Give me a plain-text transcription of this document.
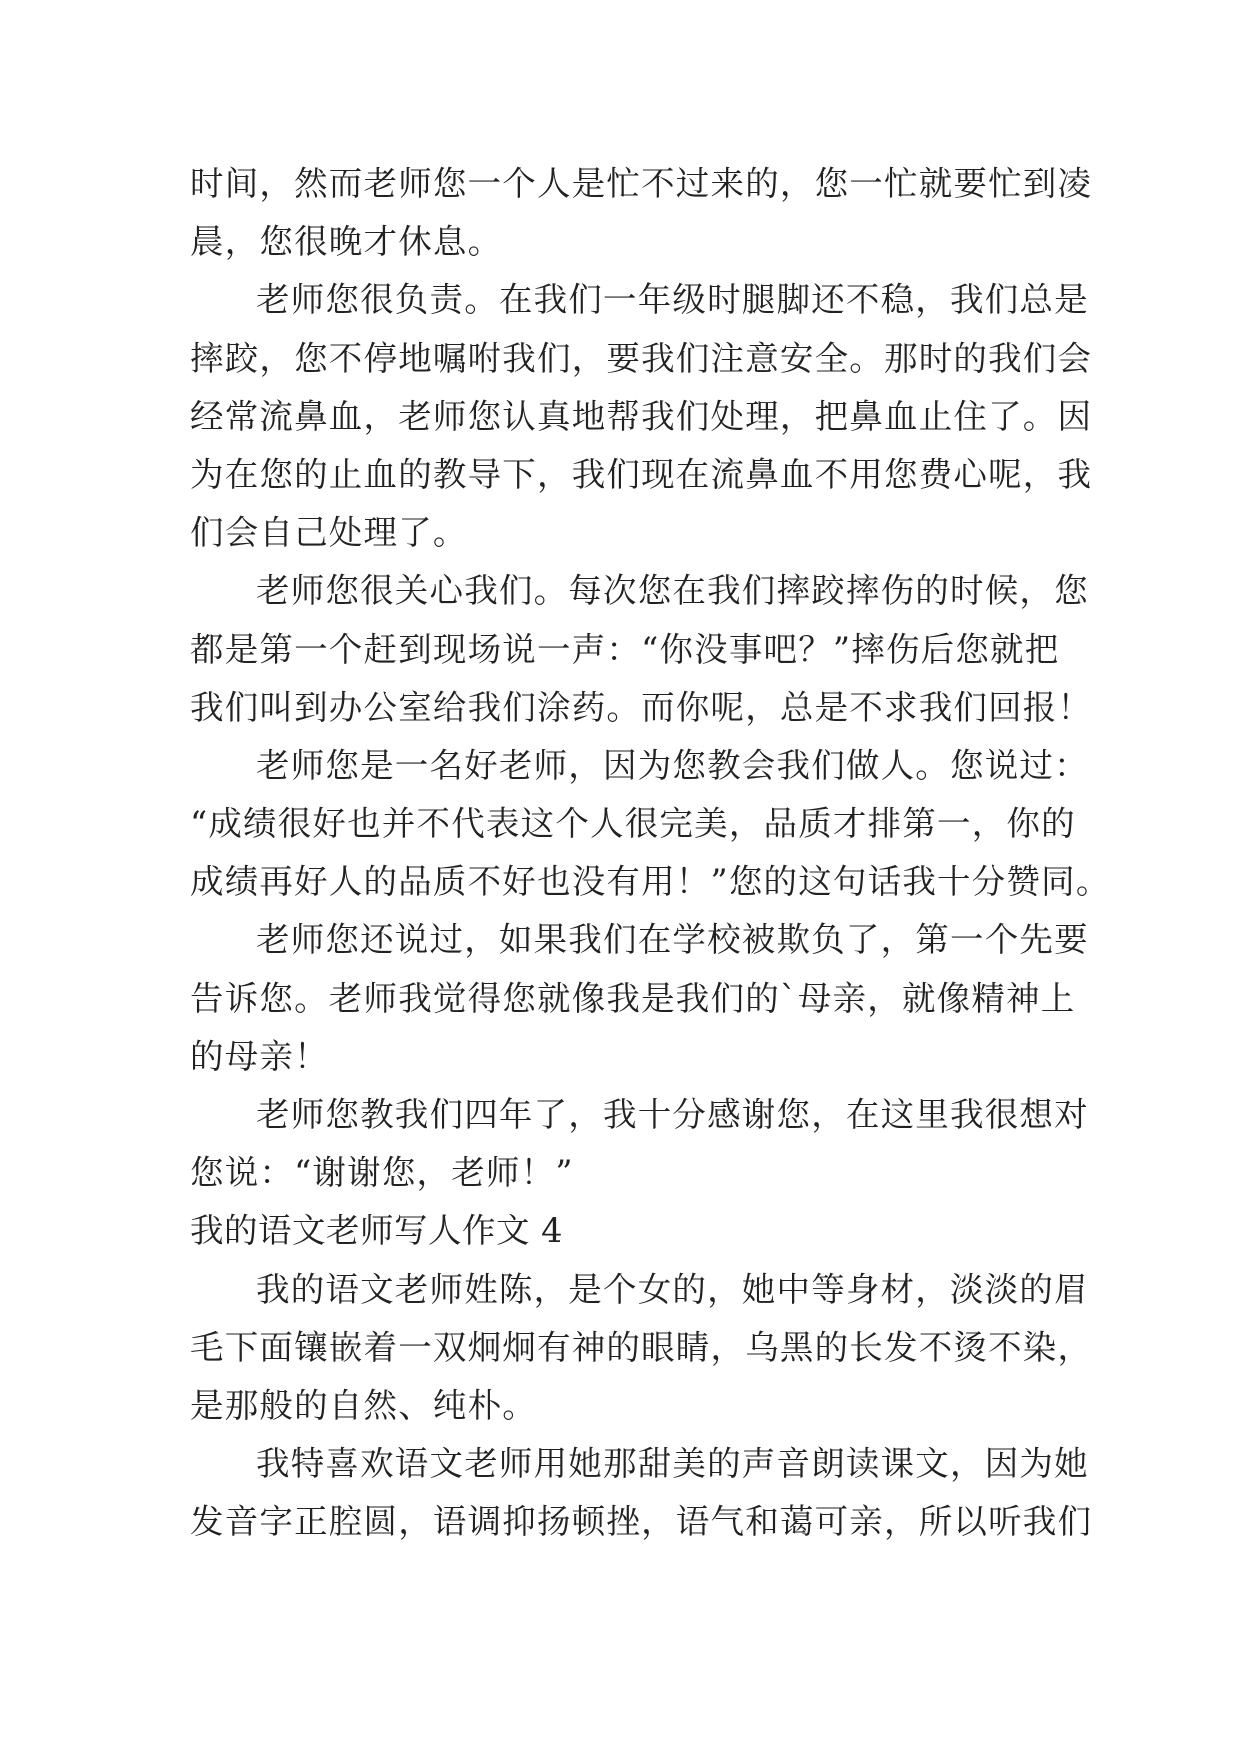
时间，然而老师您一个人是忙不过来的，您一忙就要忙到凌
晨，您很晚才休息。
老师您很负责。在我们一年级时腿脚还不稳，我们总是
摔跤，您不停地嘱咐我们，要我们注意安全。那时的我们会
经常流鼻血，老师您认真地帮我们处理，把鼻血止住了。因
为在您的止血的教导下，我们现在流鼻血不用您费心呢，我
们会自己处理了。
老师您很关心我们。每次您在我们摔跤摔伤的时候，您
都是第一个赶到现场说一声：“你没事吧？”摔伤后您就把
我们叫到办公室给我们涂药。而你呢，总是不求我们回报！
老师您是一名好老师，因为您教会我们做人。您说过：
“成绩很好也并不代表这个人很完美，品质才排第一，你的
成绩再好人的品质不好也没有用！”您的这句话我十分赞同。
老师您还说过，如果我们在学校被欺负了，第一个先要
告诉您。老师我觉得您就像我是我们的`母亲，就像精神上
的母亲！
老师您教我们四年了，我十分感谢您，在这里我很想对
您说：“谢谢您，老师！”
我的语文老师写人作文 4
我的语文老师姓陈，是个女的，她中等身材，淡淡的眉
毛下面镶嵌着一双炯炯有神的眼睛，乌黑的长发不烫不染，
是那般的自然、纯朴。
我特喜欢语文老师用她那甜美的声音朗读课文，因为她
发音字正腔圆，语调抑扬顿挫，语气和蔼可亲，所以听我们
